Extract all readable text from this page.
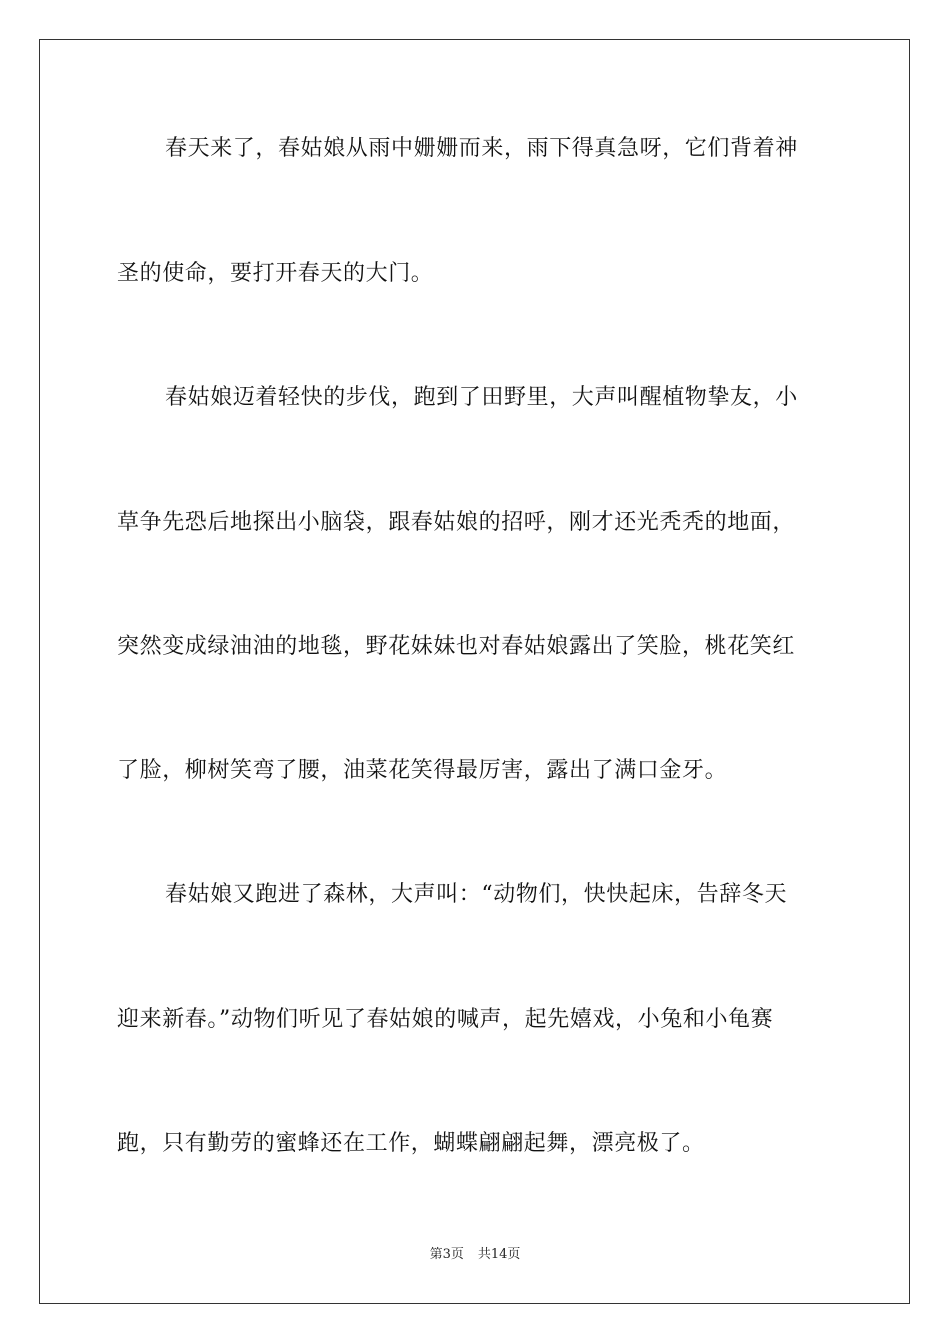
春天来了，春姑娘从雨中姗姗而来，雨下得真急呀，它们背着神
圣的使命，要打开春天的大门。
春姑娘迈着轻快的步伐，跑到了田野里，大声叫醒植物挚友，小
草争先恐后地探出小脑袋，跟春姑娘的招呼，刚才还光秃秃的地面，
突然变成绿油油的地毯，野花妹妹也对春姑娘露出了笑脸，桃花笑红
了脸，柳树笑弯了腰，油菜花笑得最厉害，露出了满口金牙。
春姑娘又跑进了森林，大声叫：“动物们，快快起床，告辞冬天
迎来新春。”动物们听见了春姑娘的喊声，起先嬉戏，小兔和小龟赛
跑，只有勤劳的蜜蜂还在工作，蝴蝶翩翩起舞，漂亮极了。
第3页 共14页
